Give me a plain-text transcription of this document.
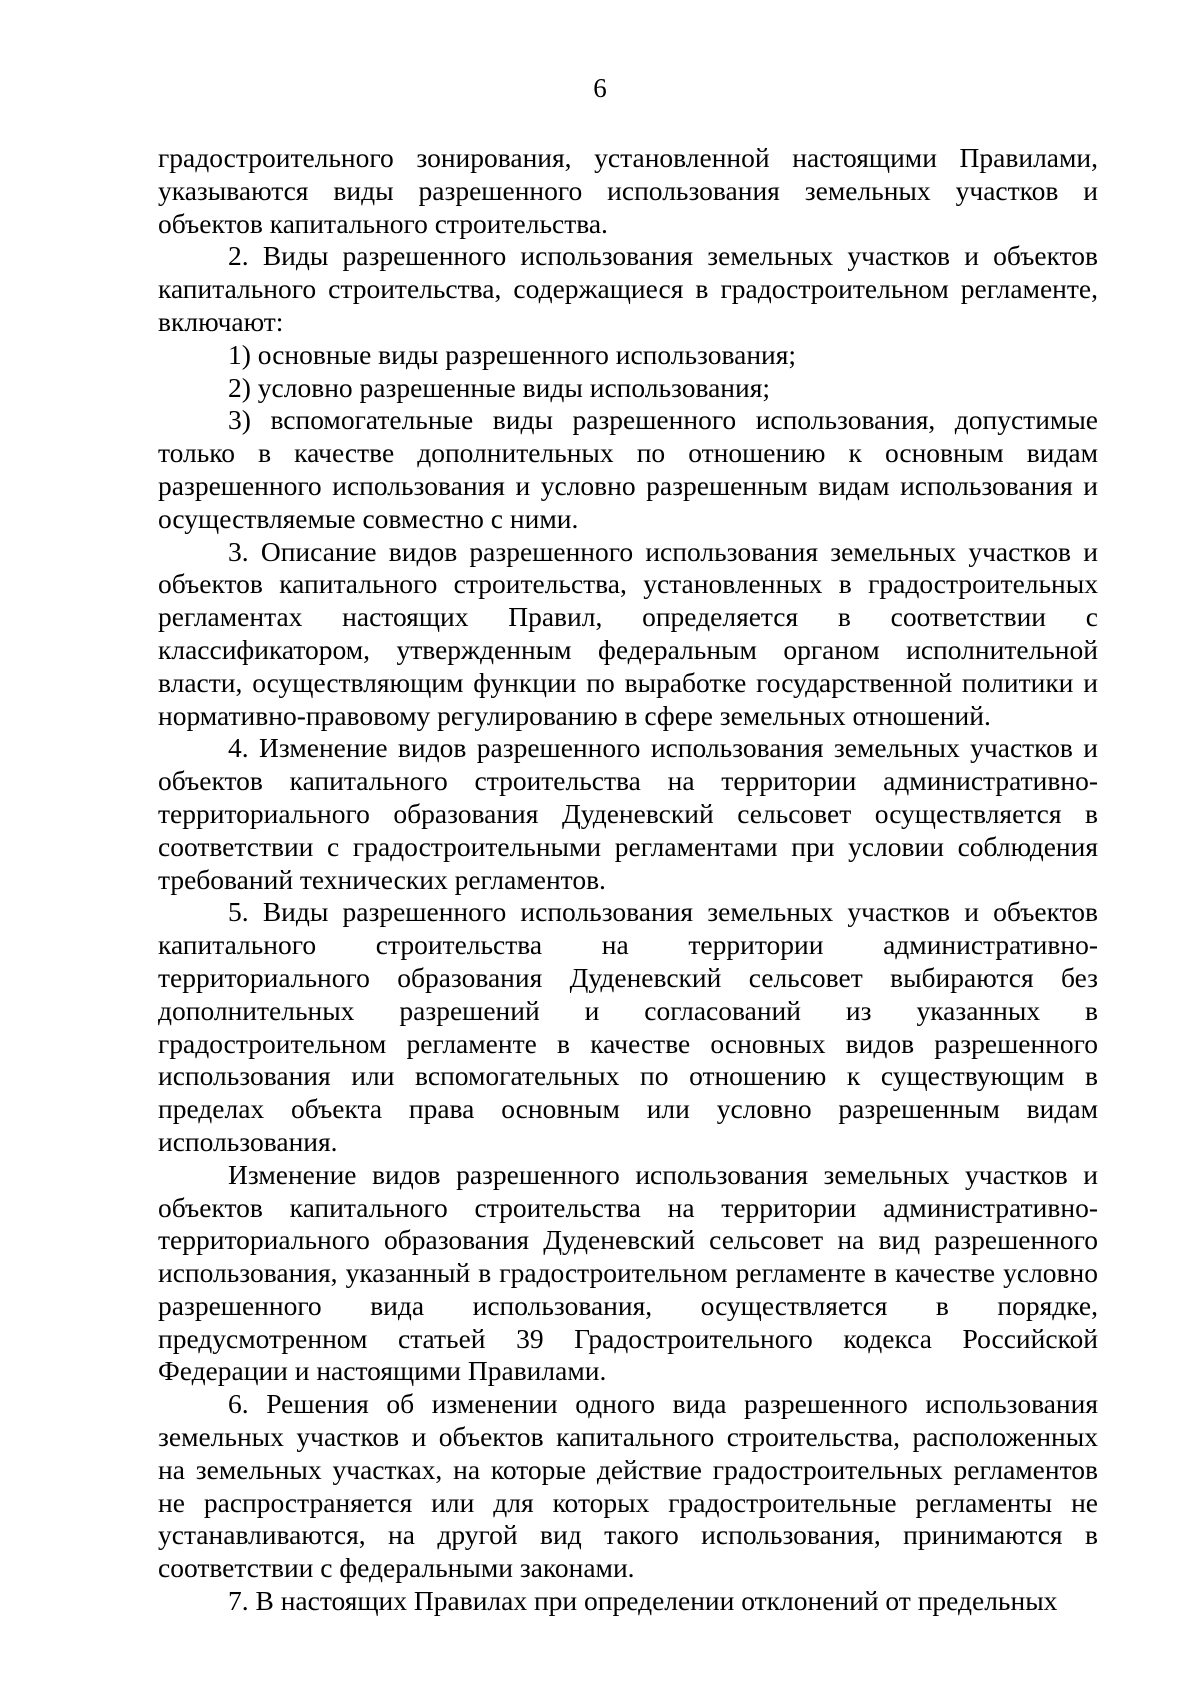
6

градостроительного зонирования, установленной настоящими Правилами, указываются виды разрешенного использования земельных участков и объектов капитального строительства.

2. Виды разрешенного использования земельных участков и объектов капитального строительства, содержащиеся в градостроительном регламенте, включают:

1) основные виды разрешенного использования;

2) условно разрешенные виды использования;

3) вспомогательные виды разрешенного использования, допустимые только в качестве дополнительных по отношению к основным видам разрешенного использования и условно разрешенным видам использования и осуществляемые совместно с ними.

3. Описание видов разрешенного использования земельных участков и объектов капитального строительства, установленных в градостроительных регламентах настоящих Правил, определяется в соответствии с классификатором, утвержденным федеральным органом исполнительной власти, осуществляющим функции по выработке государственной политики и нормативно-правовому регулированию в сфере земельных отношений.

4. Изменение видов разрешенного использования земельных участков и объектов капитального строительства на территории административно-территориального образования Дуденевский сельсовет осуществляется в соответствии с градостроительными регламентами при условии соблюдения требований технических регламентов.

5. Виды разрешенного использования земельных участков и объектов капитального строительства на территории административно-территориального образования Дуденевский сельсовет выбираются без дополнительных разрешений и согласований из указанных в градостроительном регламенте в качестве основных видов разрешенного использования или вспомогательных по отношению к существующим в пределах объекта права основным или условно разрешенным видам использования.

Изменение видов разрешенного использования земельных участков и объектов капитального строительства на территории административно-территориального образования Дуденевский сельсовет на вид разрешенного использования, указанный в градостроительном регламенте в качестве условно разрешенного вида использования, осуществляется в порядке, предусмотренном статьей 39 Градостроительного кодекса Российской Федерации и настоящими Правилами.

6. Решения об изменении одного вида разрешенного использования земельных участков и объектов капитального строительства, расположенных на земельных участках, на которые действие градостроительных регламентов не распространяется или для которых градостроительные регламенты не устанавливаются, на другой вид такого использования, принимаются в соответствии с федеральными законами.

7. В настоящих Правилах при определении отклонений от предельных
